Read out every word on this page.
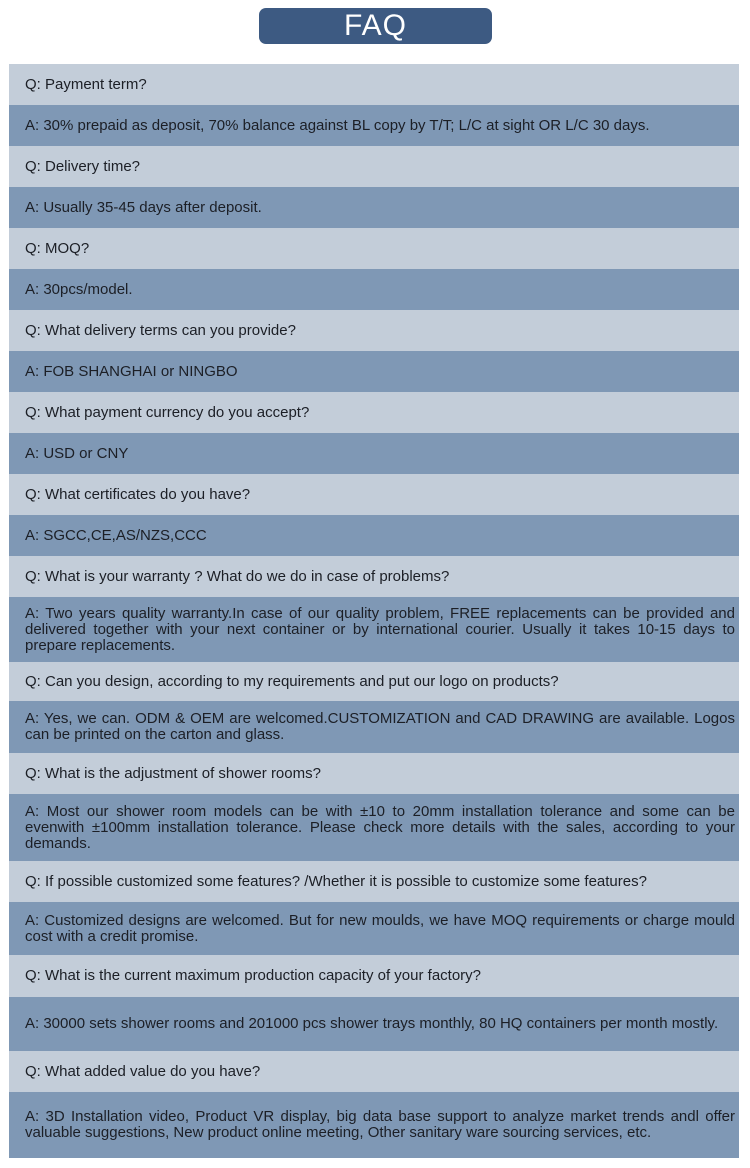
FAQ
Q: Payment term?
A: 30% prepaid as deposit, 70% balance against BL copy by T/T; L/C at sight OR L/C 30 days.
Q: Delivery time?
A: Usually 35-45 days after deposit.
Q: MOQ?
A: 30pcs/model.
Q: What delivery terms can you provide?
A: FOB SHANGHAI or NINGBO
Q: What payment currency do you accept?
A: USD or CNY
Q: What certificates do you have?
A: SGCC,CE,AS/NZS,CCC
Q: What is your warranty ? What do we do in case of problems?
A: Two years quality warranty.In case of our quality problem, FREE replacements can be provided and delivered together with your next container or by international courier. Usually it takes 10-15 days to prepare replacements.
Q: Can you design, according to my requirements and put our logo on products?
A: Yes, we can. ODM & OEM are welcomed.CUSTOMIZATION and CAD DRAWING are available. Logos can be printed on the carton and glass.
Q: What is the adjustment of shower rooms?
A: Most our shower room models can be with ±10 to 20mm installation tolerance and some can be evenwith ±100mm installation tolerance. Please check more details with the sales, according to your demands.
Q: If possible customized some features? /Whether it is possible to customize some features?
A: Customized designs are welcomed. But for new moulds, we have MOQ requirements or charge mould cost with a credit promise.
Q: What is the current maximum production capacity of your factory?
A: 30000 sets shower rooms and 201000 pcs shower trays monthly, 80 HQ containers per month mostly.
Q: What added value do you have?
A: 3D Installation video, Product VR display, big data base support to analyze market trends andl offer valuable suggestions, New product online meeting, Other sanitary ware sourcing services, etc.
